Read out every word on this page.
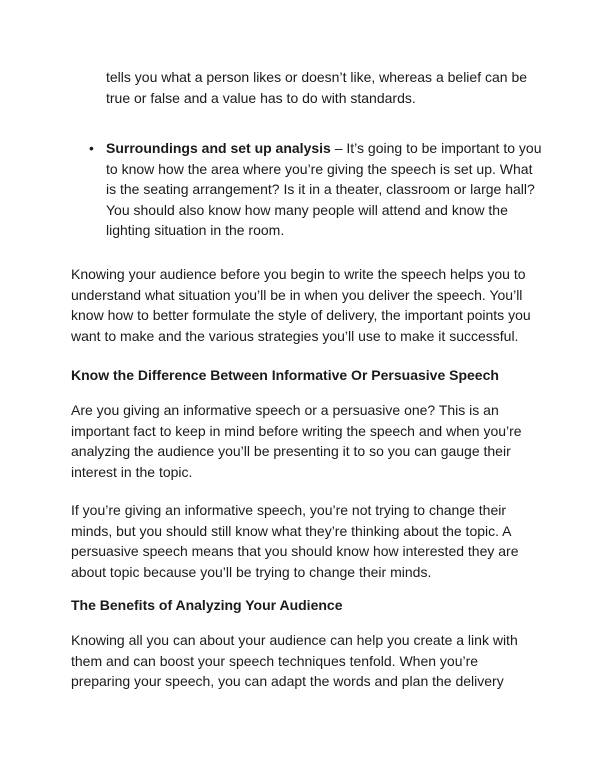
tells you what a person likes or doesn’t like, whereas a belief can be true or false and a value has to do with standards.

• Surroundings and set up analysis – It’s going to be important to you to know how the area where you’re giving the speech is set up. What is the seating arrangement? Is it in a theater, classroom or large hall? You should also know how many people will attend and know the lighting situation in the room.

Knowing your audience before you begin to write the speech helps you to understand what situation you’ll be in when you deliver the speech. You’ll know how to better formulate the style of delivery, the important points you want to make and the various strategies you’ll use to make it successful.

Know the Difference Between Informative Or Persuasive Speech

Are you giving an informative speech or a persuasive one? This is an important fact to keep in mind before writing the speech and when you’re analyzing the audience you’ll be presenting it to so you can gauge their interest in the topic.

If you’re giving an informative speech, you’re not trying to change their minds, but you should still know what they’re thinking about the topic. A persuasive speech means that you should know how interested they are about topic because you’ll be trying to change their minds.

The Benefits of Analyzing Your Audience

Knowing all you can about your audience can help you create a link with them and can boost your speech techniques tenfold. When you’re preparing your speech, you can adapt the words and plan the delivery
